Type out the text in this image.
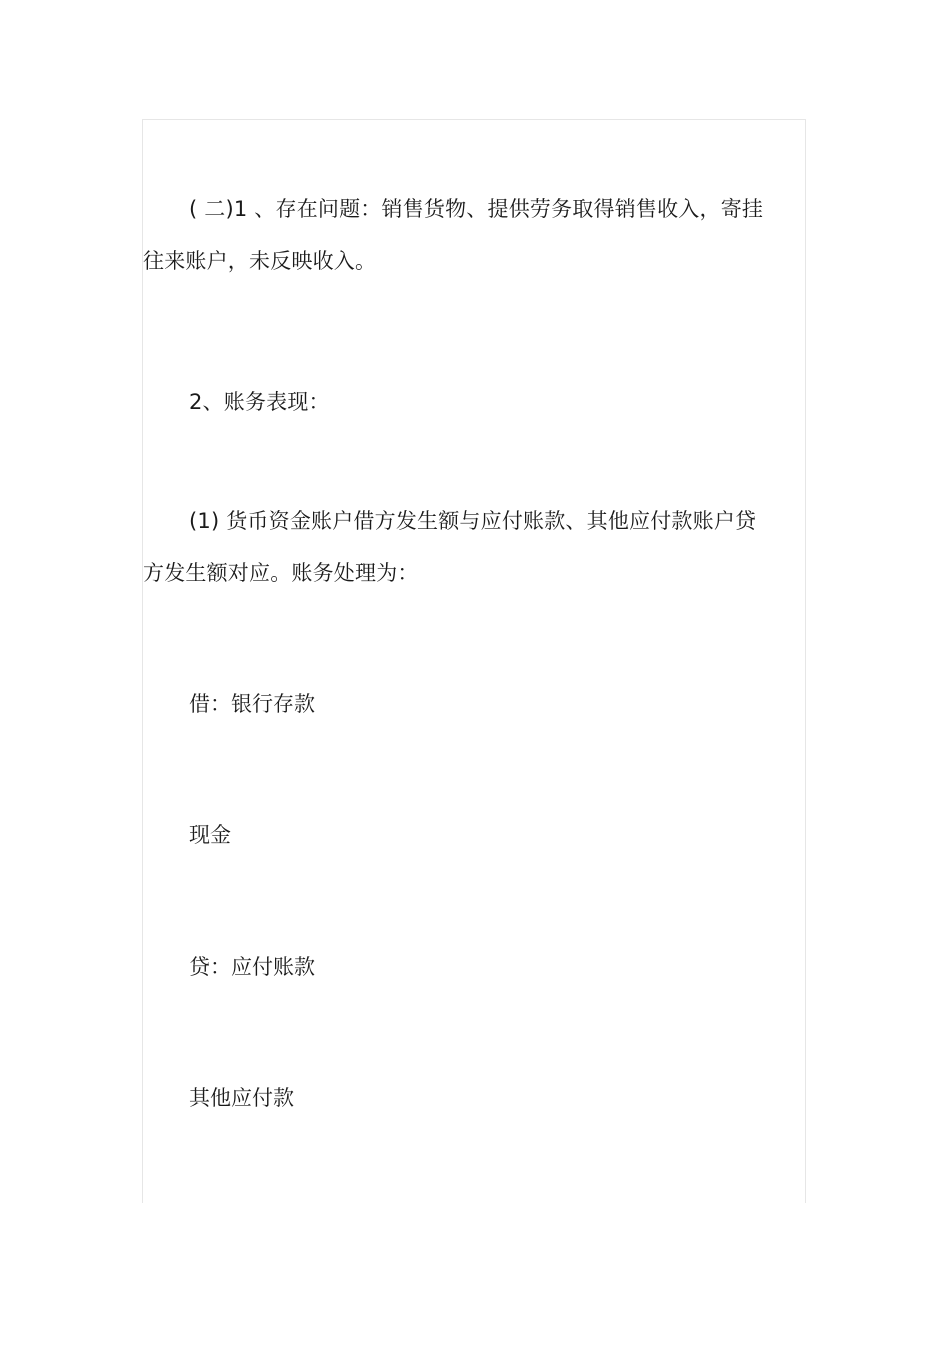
( 二)1 、存在问题：销售货物、提供劳务取得销售收入，寄挂往来账户，未反映收入。

2、账务表现：

(1) 货币资金账户借方发生额与应付账款、其他应付款账户贷方发生额对应。账务处理为：

借：银行存款

现金

贷：应付账款

其他应付款
